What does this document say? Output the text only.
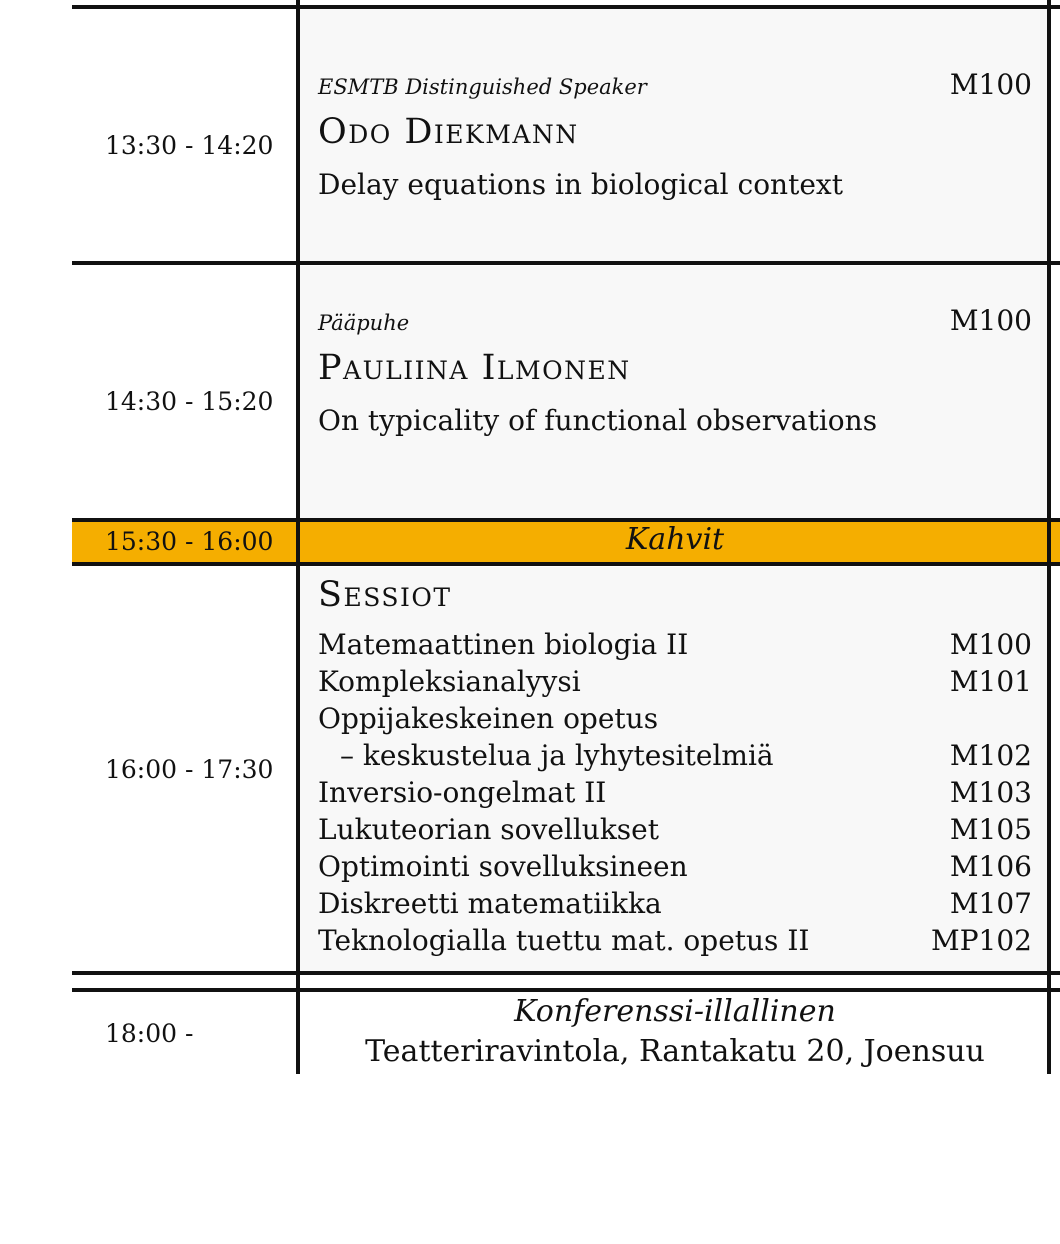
13:30 - 14:20
ESMTB Distinguished Speaker	M100
Odo Diekmann
Delay equations in biological context
14:30 - 15:20
Pääpuhe	M100
Pauliina Ilmonen
On typicality of functional observations
15:30 - 16:00	Kahvit
16:00 - 17:30
Sessiot
Matemaattinen biologia II	M100
Kompleksianalyysi	M101
Oppijakeskeinen opetus
– keskustelua ja lyhytesitelmiä	M102
Inversio-ongelmat II	M103
Lukuteorian sovellukset	M105
Optimointi sovelluksineen	M106
Diskreetti matematiikka	M107
Teknologialla tuettu mat. opetus II	MP102
18:00 -
Konferenssi-illallinen
Teatteriravintola, Rantakatu 20, Joensuu
